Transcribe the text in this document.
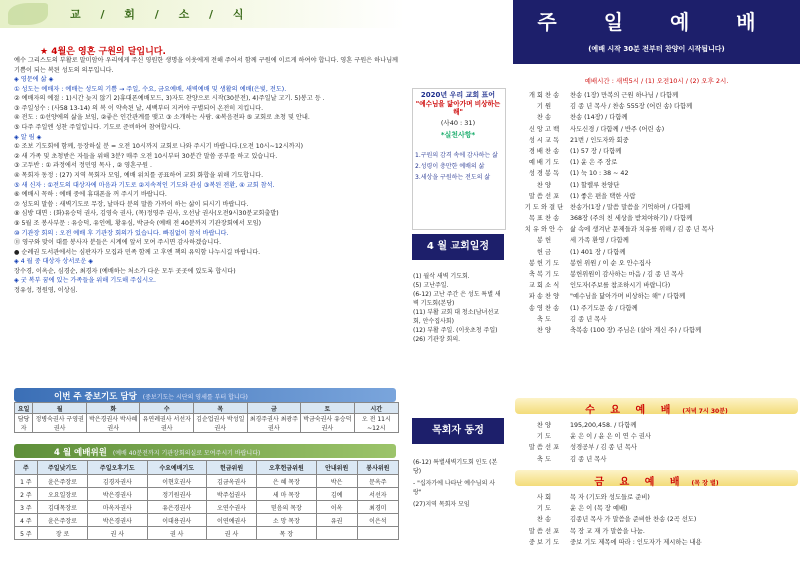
교 / 회 / 소 / 식
★ 4월은 영혼 구원의 달입니다.

예수 그리스도의 부활로 말미암아 우리에게 주신 영원한 생명을 이웃에게 전해 주어서 함께 구원에 이르게 하여야 합니다. 영혼 구원은 하나님께 기쁨이 되는 복된 성도의 의무입니다.

◈ 영문에 삶 ◈

① 성도는 예배자 : 예배는 성도의 기쁨 → 주일, 수요, 금요예배, 새벽예배 및 생활의 예배(은빛, 전도).

② 예배자의 예절 : 1)시간 늦지 않기 2)휴대폰예배모드, 3)자도 찬양으로 시작(30분전), 4)주일날 고기. 5)봉고 등 .

③ 주일성수 : (사58 13-14) 의 복 이 약속된 날, 세백부터 지켜야 구별되어 온전히 지킵니다.

④ 전도 : ①선양에의 삶을 보임, ②좋은 인간관계를 맺고 ③ 소개하는 사람. ④복음전파 ⑤ 교회로 초청 및 안내.

⑤ 다주 주일엔 성찬 주일입니다. 기도로 준비하여 참여합시다.

◈ 알 림 ◈

① 조보 기도회에 함께, 등장하실 분 = 오전 10시까지 교회로 나와 주시기 바랍니다.(오전 10시~12시까지)

② 새 가족 및 초청받은 자들을 위해 3분? 매주 오전 10시부터 30분간 말씀 공부를 하고 있습니다.

③ 고두반 : ① 과정에서 정민영 목사 , ② 영혼구원 .

④ 목회자 동정 : (27) 지역 목회자 모임, 예배 위치를 공표하여 교회 화합을 위해 기도합니다.

⑤ 새 신자 : ①전도의 대상자에 마음과 기도로 ②지속적인 기도와 관심 ③복된 전환, ④ 교회 참석.

⑥ 예배시 꼭하 : 예배 중에 휴대폰을 꺼 주시기 바랍니다.

⑦ 성도의 말씀 : 새벽기도로 무장, 날마다 분의 말씀 가까이 하는 삶이 되시기 바랍니다.

⑧ 심방 대면 : (화)유승덕 권사, 김영숙 권사, (목)정영주 권사, 오선남 권사(오전9시30분교회출발)

⑨ 5월 조 봉사부문 : 유승덕, 유인예, 황유심, 박금숙 (예배 전 40분까지 기관장회에서 모임)

⑩ 기관장 회의 : 오전 예배 후 기관장 회의가 있습니다. 빠짐없이 참석 바랍니다.

⑪ 영구와 맞이 대를 봉사자 분들은 시계에 앞서 모여 주시면 감사하겠습니다.

● 순례권 도서관에서는 심판자가 모집과 민족 함께 고 후엔 책의 유익함 나누시길 바랍니다.

◈ 4 월 중 대상자 상서로운 ◈

장수경, 이옥순, 심경순, 최경자 (예배하는 처소가 다운 모두 곳곳에 있도록 합시다)

◈ 굿 복부 꿈에 있는 가족들을 위해 기도해 주십시오.

정유성, 정원영, 이상심.

이번 주 중보기도 담당 (중보기도는 시단의 영세를 부터 합니다)
요일	월	화	수	목	금	토	시간
담당자	정병숙권사 구영권권사	박은경권사 박사혜권사	유연례권사 서선자권사	김순업권사 박성일권사	최경주권사 최광주권사	박금숙권사 유승덕권사	오 전 11시~12시
4 월 예배위원 (예배 40분전까지 기관장회의실로 모여주시기 바랍니다)
주	주일낮기도	주일오후기도	수요예배기도	헌금위원	오후헌금위원	안내위원	봉사위원
1 주	윤은주장로	김경자권사	이현호권사	김금옥권사	은 혜 목장	박은	문옥주
2 주	오요일장로	박은경권사	정기원권사	박주섭권사	세 마 목장	김예	서선자
3 주	김대목장로	마옥자권사	유은경권사	오연수권사	믿음의 목장	이옥	최경미
4 주	윤은주장로	박은경권사	이대용권사	이연예권사	소 망 목장	유권	이은석
5 주	장 로	권 사	권 사	권 사	목 장		
2020년 우리 교회 표어
"예수님을 닮아가며 비상하는 해"
(사40 : 31)
*실천사항*

1.구원의 감격 속에 감사하는 삶

2.성령이 충만한 예배의 삶

3.세상을 구원하는 전도의 삶

4 월 교회일정

(1) 월삭 새벽 기도회.

(5) 고난주일.

(6-12) 고난 주간 은 성도 특별 새벽 기도회(본당)

(11) 부활 교회 대 청소(남녀선교회, 안수집사회)

(12) 부활 주일. (이웃초청 주일)

(26) 기관장 회의.

목회자 동정

(6-12) 특별새벽기도회 인도 (본당)

- "십자가에 나타난 예수님의 사랑"

(27)지역 목회자 모임

주 일 예 배
(예배 시작 30분 전부터 찬양이 시작됩니다)
예배시간 : 새벽5시 / (1) 오전10시 / (2) 오후 2시.
개 회 찬 송	찬송 (1장) 만복의 근원 하나님 / 다함께
기 원	김 종 년 목사 / 찬송 555장 (어린 송) 다함께
찬 송	찬송 (14장) / 다함께
신 앙 고 백	사도신경 / 다함께 / 반주 (어린 송)
성 시 교 독	21번 / 인도자와 회중
경 배 찬 송	(1) 57 장 / 다함께
예 배 기 도	(1) 윤 은 주 장로
성 경 봉 독	(1) 눅 10 : 38 ~ 42
찬 양	(1) 할렐루 찬양단
말 씀 선 포	(1) 좋은 편을 택한 사람
기 도 와 결 단	찬송가(1장 / 말씀 말씀을 기억하며 / 다함께
목 표 찬 송	368장 (주의 친 세상을 받쳐야하기) / 다함께
치 유 와 안 수	삶 속에 생겨난 문제들과 치유를 위해 / 김 종 년 목사
봉 헌	세 가족 환영 / 다함께
헌 금	(1) 401 장 / 다함께
봉 헌 기 도	봉헌 위원 / 이 순 오 안수집사
축 복 기 도	봉헌위원이 감사하는 마음 / 김 종 년 목사
교 회 소 식	인도자(주보를 참조하시기 바랍니다)
파 송 찬 양	"예수님을 닮아가며 비상하는 해" / 다함께
송 영 찬 송	(1) 주기도문 송 / 다함께
축 도	김 종 년 목사
찬 양	축복송 (100 장) 주님은 (살아 계신 주) / 다함께
수 요 예 배 (저녁 7시 30분)
찬 양	195,200,458. / 다함께
기 도	윤 은 이 / 윤 은 이 연 수 권사
말 씀 선 포	성경공부 / 김 종 년 목사
축 도	김 종 년 목사
금 요 예 배 (목 장 별)
사 회	목 자 (기도와 성도들로 준비)
기 도	윤 은 이 (목 장 예배)
찬 송	김종년 목사 가 말씀을 준비한 찬송 (2곡 선도)
말 씀 선 포	목 장 교 재 가 말씀을 나눔.
중 보 기 도	중보 기도 제목에 따라 : 인도자가 제시하는 내용
